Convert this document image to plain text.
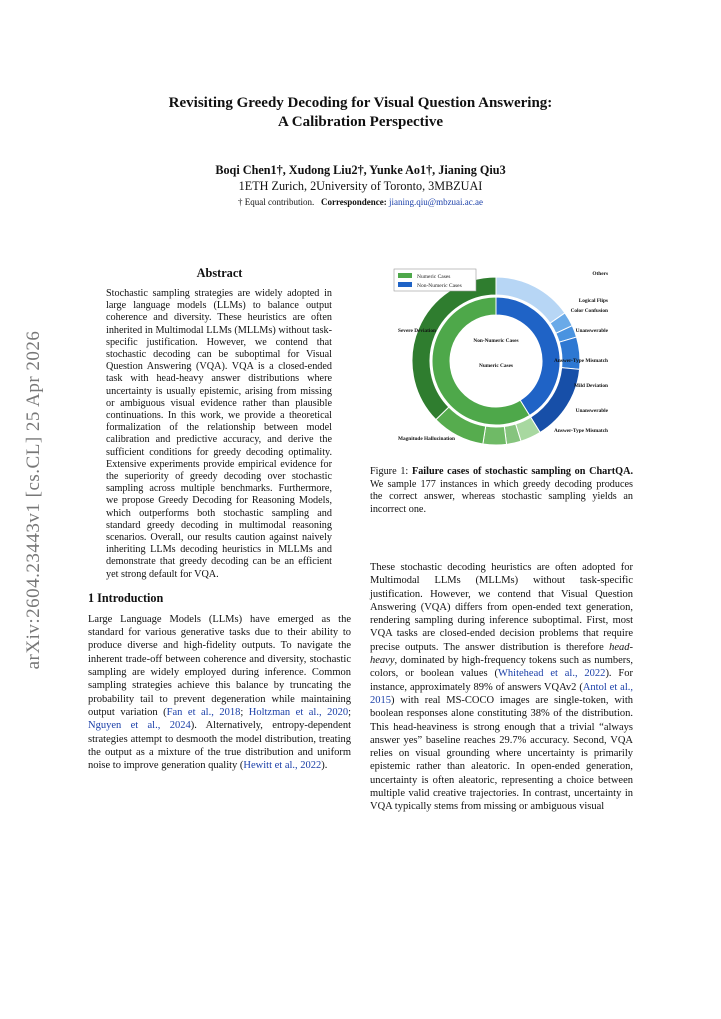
arXiv:2604.23443v1 [cs.CL] 25 Apr 2026
Revisiting Greedy Decoding for Visual Question Answering:
A Calibration Perspective
Boqi Chen1†, Xudong Liu2†, Yunke Ao1†, Jianing Qiu3
1ETH Zurich, 2University of Toronto, 3MBZUAI
† Equal contribution. Correspondence: jianing.qiu@mbzuai.ac.ae
Abstract

Stochastic sampling strategies are widely adopted in large language models (LLMs) to balance output coherence and diversity. These heuristics are often inherited in Multimodal LLMs (MLLMs) without task-specific justification. However, we contend that stochastic decoding can be suboptimal for Visual Question Answering (VQA). VQA is a closed-ended task with head-heavy answer distributions where uncertainty is usually epistemic, arising from missing or ambiguous visual evidence rather than plausible continuations. In this work, we provide a theoretical formalization of the relationship between model calibration and predictive accuracy, and derive the sufficient conditions for greedy decoding optimality. Extensive experiments provide empirical evidence for the superiority of greedy decoding over stochastic sampling across multiple benchmarks. Furthermore, we propose Greedy Decoding for Reasoning Models, which outperforms both stochastic sampling and standard greedy decoding in multimodal reasoning scenarios. Overall, our results caution against naively inheriting LLMs decoding heuristics in MLLMs and demonstrate that greedy decoding can be an efficient yet strong default for VQA.

1 Introduction

Large Language Models (LLMs) have emerged as the standard for various generative tasks due to their ability to produce diverse and high-fidelity outputs. To navigate the inherent trade-off between coherence and diversity, stochastic sampling are widely employed during inference. Common sampling strategies achieve this balance by truncating the probability tail to prevent degeneration while maintaining output variation (Fan et al., 2018; Holtzman et al., 2020; Nguyen et al., 2024). Alternatively, entropy-dependent strategies attempt to desmooth the model distribution, treating the output as a mixture of the true distribution and uniform noise to improve generation quality (Hewitt et al., 2022).

Numeric Cases
Non-Numeric Cases
Non-Numeric Cases
Numeric Cases
Others
Logical Flips
Color Confusion
Unanswerable
Answer-Type Mismatch
Mild Deviation
Unanswerable
Answer-Type Mismatch
Magnitude Hallucination
Severe Deviation
Figure 1: Failure cases of stochastic sampling on ChartQA. We sample 177 instances in which greedy decoding produces the correct answer, whereas stochastic sampling yields an incorrect one.

These stochastic decoding heuristics are often adopted for Multimodal LLMs (MLLMs) without task-specific justification. However, we contend that Visual Question Answering (VQA) differs from open-ended text generation, rendering sampling during inference suboptimal. First, most VQA tasks are closed-ended decision problems that require precise outputs. The answer distribution is therefore head-heavy, dominated by high-frequency tokens such as numbers, colors, or boolean values (Whitehead et al., 2022). For instance, approximately 89% of answers VQAv2 (Antol et al., 2015) with real MS-COCO images are single-token, with boolean responses alone constituting 38% of the distribution. This head-heaviness is strong enough that a trivial “always answer yes” baseline reaches 29.7% accuracy. Second, VQA relies on visual grounding where uncertainty is primarily epistemic rather than aleatoric. In open-ended generation, uncertainty is often aleatoric, representing a choice between multiple valid creative trajectories. In contrast, uncertainty in VQA typically stems from missing or ambiguous visual
